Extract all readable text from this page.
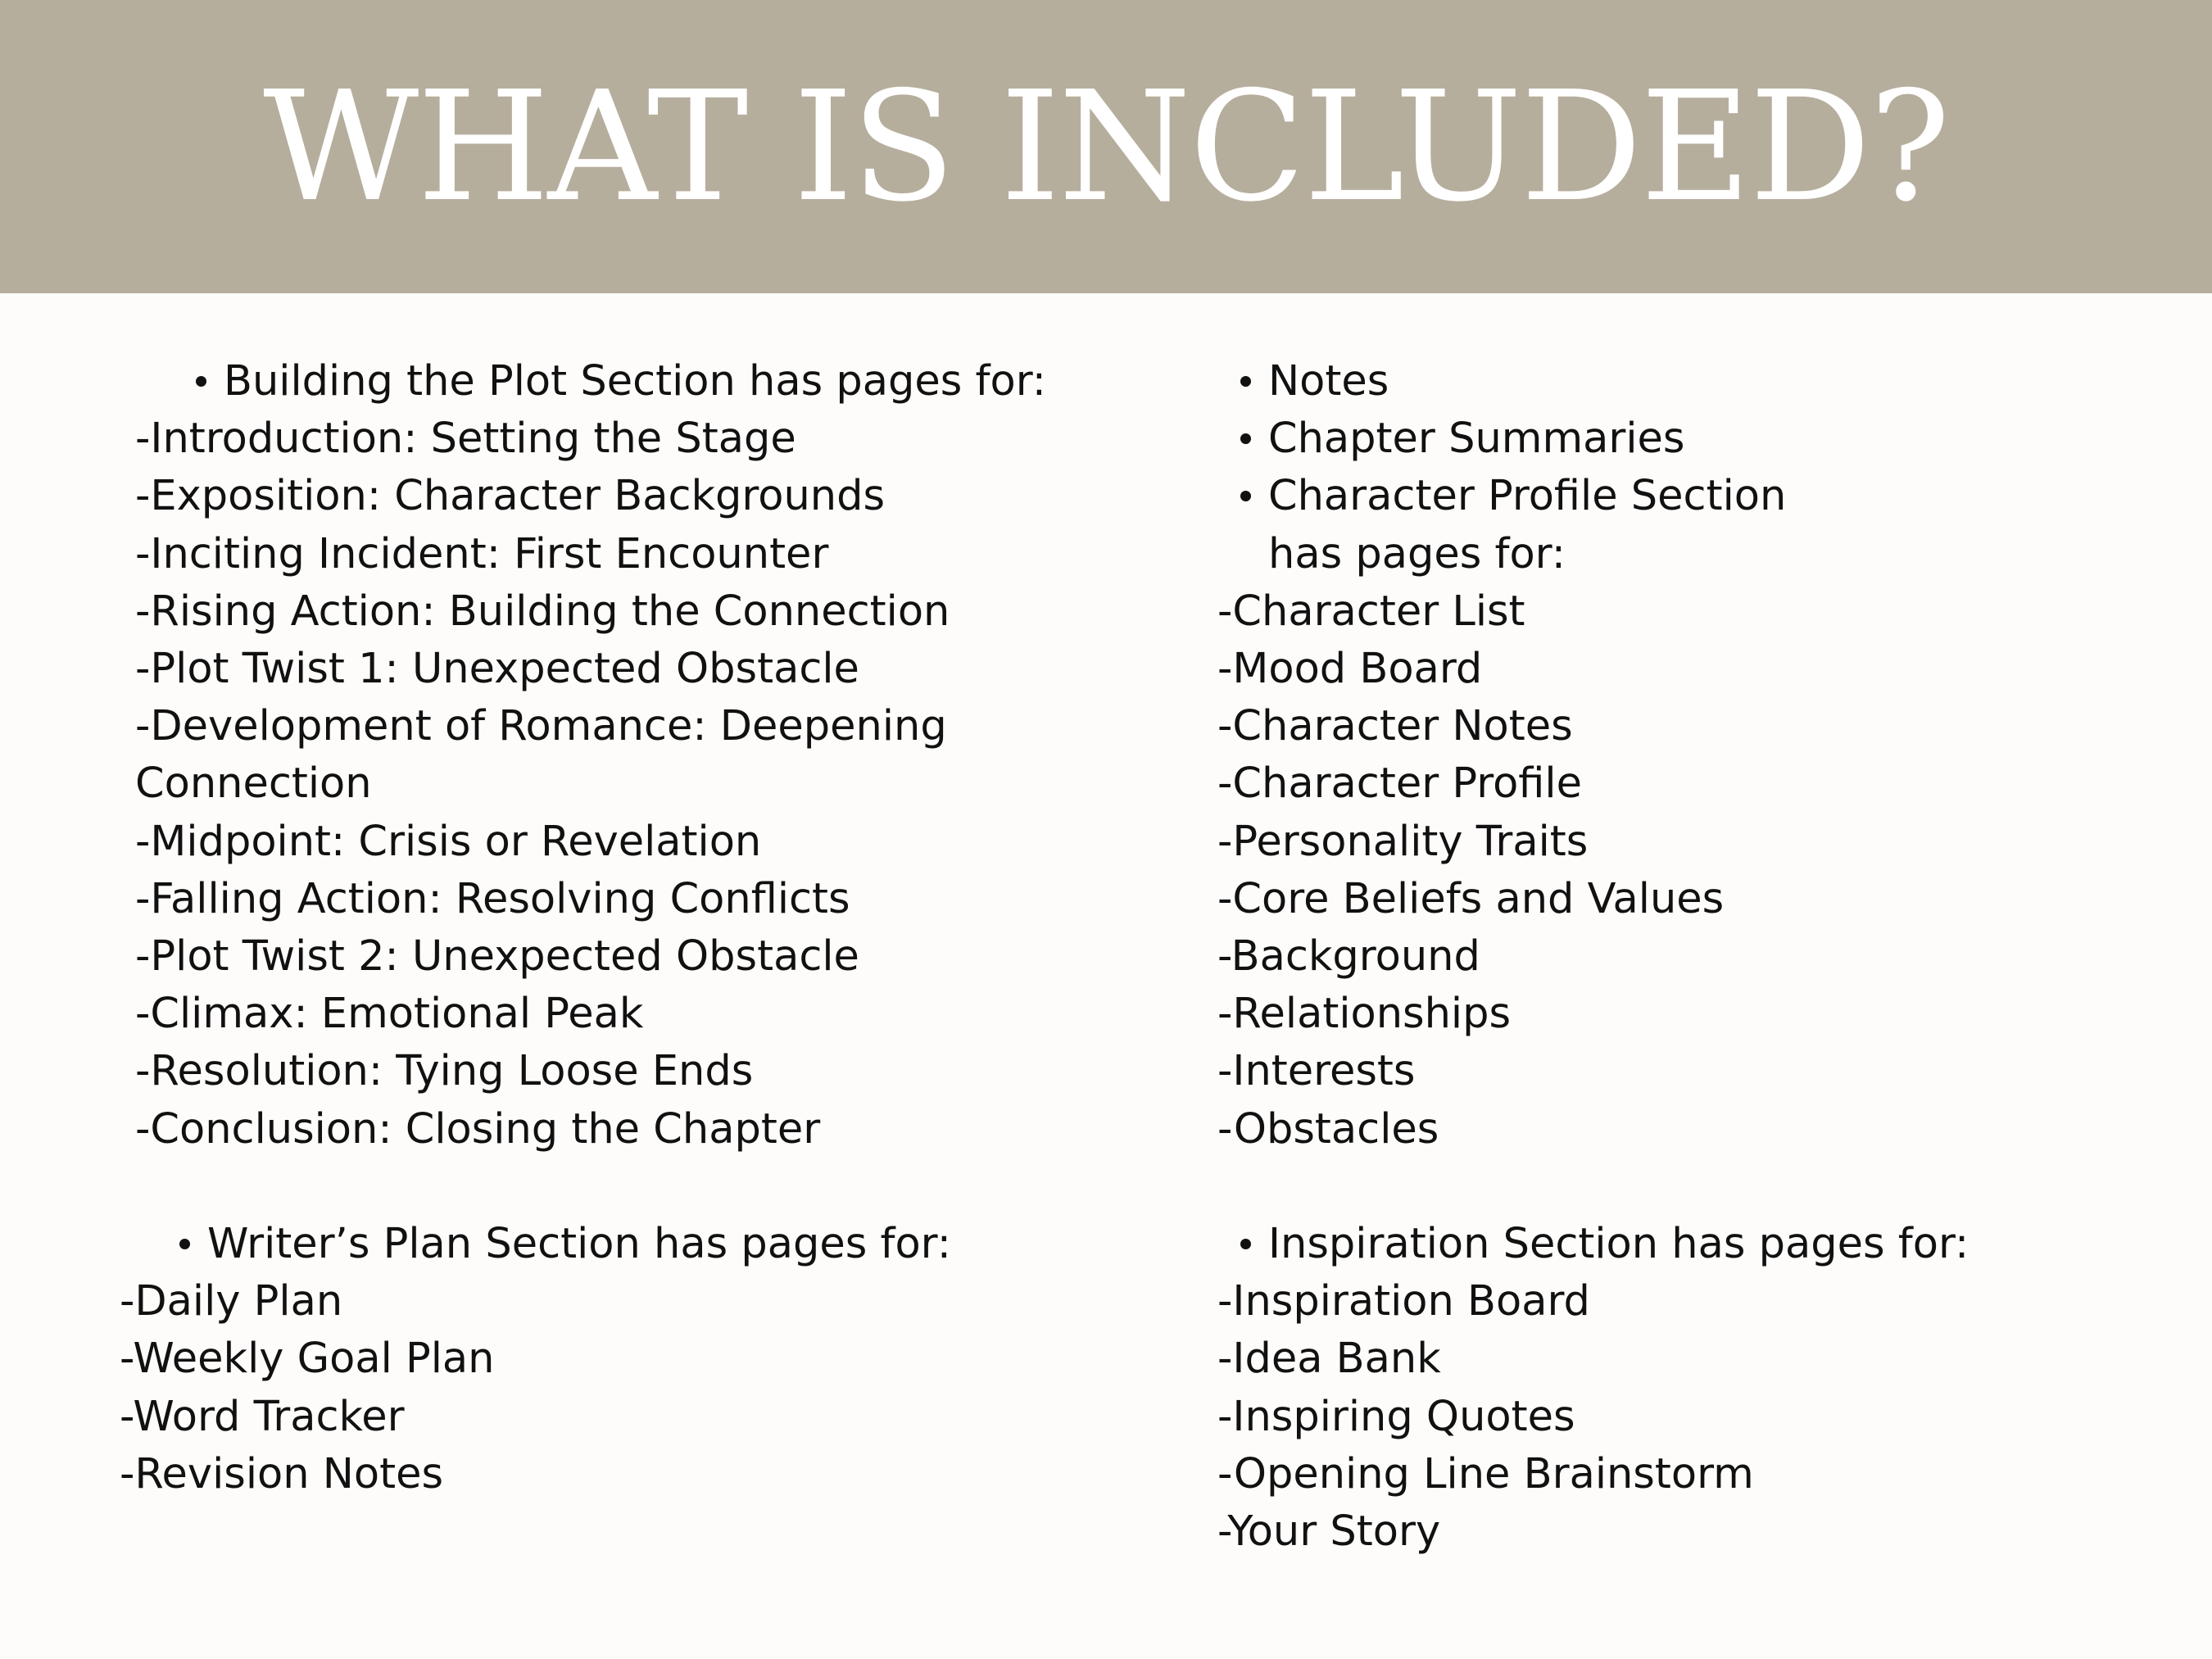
WHAT IS INCLUDED?
Building the Plot Section has pages for:
-Introduction: Setting the Stage
-Exposition: Character Backgrounds
-Inciting Incident: First Encounter
-Rising Action: Building the Connection
-Plot Twist 1: Unexpected Obstacle
-Development of Romance: Deepening
Connection
-Midpoint: Crisis or Revelation
-Falling Action: Resolving Conflicts
-Plot Twist 2: Unexpected Obstacle
-Climax: Emotional Peak
-Resolution: Tying Loose Ends
-Conclusion: Closing the Chapter
Writer’s Plan Section has pages for:
-Daily Plan
-Weekly Goal Plan
-Word Tracker
-Revision Notes
Notes
Chapter Summaries
Character Profile Section
has pages for:
-Character List
-Mood Board
-Character Notes
-Character Profile
-Personality Traits
-Core Beliefs and Values
-Background
-Relationships
-Interests
-Obstacles
Inspiration Section has pages for:
-Inspiration Board
-Idea Bank
-Inspiring Quotes
-Opening Line Brainstorm
-Your Story
